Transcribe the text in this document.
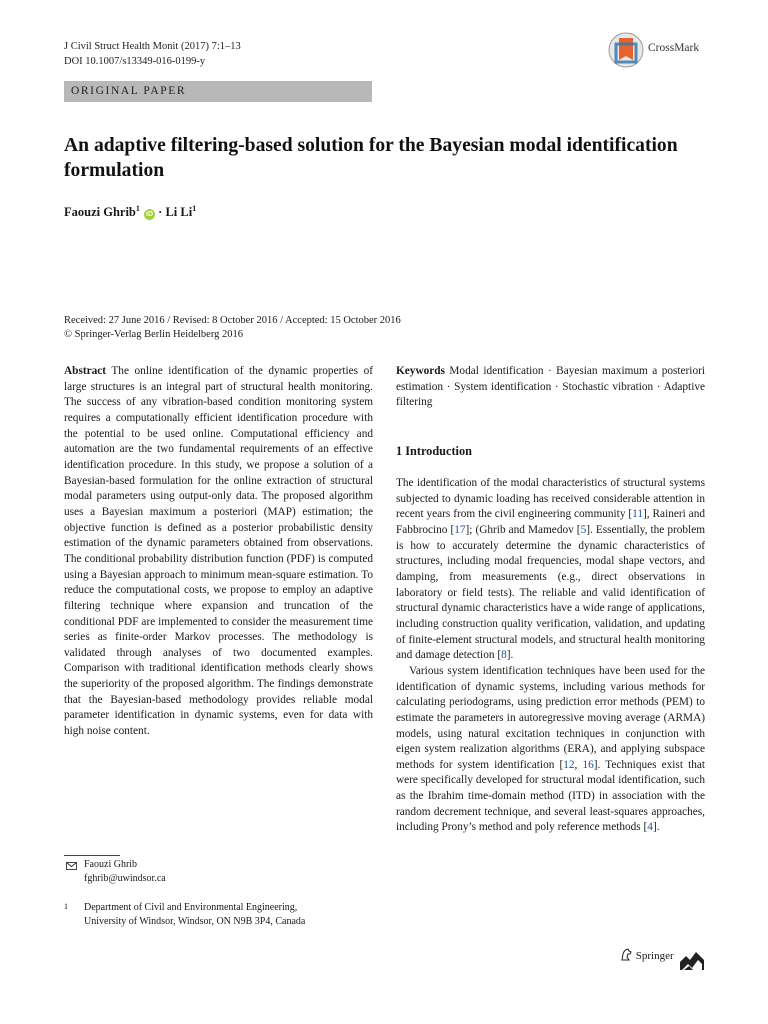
J Civil Struct Health Monit (2017) 7:1–13
DOI 10.1007/s13349-016-0199-y
CrossMark
ORIGINAL PAPER
An adaptive filtering-based solution for the Bayesian modal identification formulation
Faouzi Ghrib$^1$ iD · Li Li$^1$
Received: 27 June 2016 / Revised: 8 October 2016 / Accepted: 15 October 2016
© Springer-Verlag Berlin Heidelberg 2016

Abstract The online identification of the dynamic properties of large structures is an integral part of structural health monitoring. The success of any vibration-based condition monitoring system requires a computationally efficient identification procedure with the potential to be used online. Computational efficiency and automation are the two fundamental requirements of an effective identification procedure. In this study, we propose a solution of a Bayesian-based formulation for the online extraction of structural modal parameters using output-only data. The proposed algorithm uses a Bayesian maximum a posteriori (MAP) estimation; the objective function is defined as a posterior probabilistic density estimation of the dynamic parameters obtained from observations. The conditional probability distribution function (PDF) is computed using a Bayesian approach to minimum mean-square estimation. To reduce the computational costs, we propose to employ an adaptive filtering technique where expansion and truncation of the conditional PDF are implemented to consider the measurement time series as finite-order Markov processes. The methodology is validated through analyses of two documented examples. Comparison with traditional identification methods clearly shows the superiority of the proposed algorithm. The findings demonstrate that the Bayesian-based methodology provides reliable modal parameter identification in dynamic systems, even for data with high noise content.

Keywords Modal identification · Bayesian maximum a posteriori estimation · System identification · Stochastic vibration · Adaptive filtering

1 Introduction

The identification of the modal characteristics of structural systems subjected to dynamic loading has received considerable attention in recent years from the civil engineering community [11], Raineri and Fabbrocino [17]; (Ghrib and Mamedov [5]. Essentially, the problem is how to accurately determine the dynamic characteristics of structures, including modal frequencies, modal shape vectors, and damping, from measurements (e.g., direct observations in laboratory or field tests). The reliable and valid identification of structural dynamic characteristics have a wide range of applications, including construction quality verification, validation, and updating of finite-element structural models, and structural health monitoring and damage detection [8].

Various system identification techniques have been used for the identification of dynamic systems, including various methods for calculating periodograms, using prediction error methods (PEM) to estimate the parameters in autoregressive moving average (ARMA) models, using natural excitation techniques in conjunction with eigen system realization algorithms (ERA), and applying subspace methods for system identification [12, 16]. Techniques exist that were specifically developed for structural modal identification, such as the Ibrahim time-domain method (ITD) in association with the random decrement technique, and several least-squares approaches, including Prony’s method and poly reference methods [4].

Faouzi Ghrib
fghrib@uwindsor.ca
1 Department of Civil and Environmental Engineering,
University of Windsor, Windsor, ON N9B 3P4, Canada
Springer
